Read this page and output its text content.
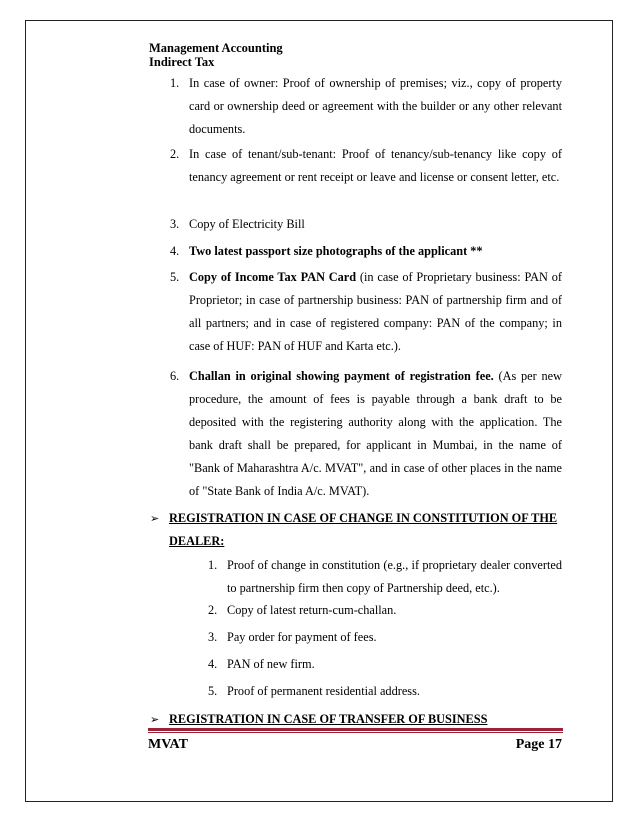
Management Accounting
Indirect Tax
1. In case of owner: Proof of ownership of premises; viz., copy of property card or ownership deed or agreement with the builder or any other relevant documents.
2. In case of tenant/sub-tenant: Proof of tenancy/sub-tenancy like copy of tenancy agreement or rent receipt or leave and license or consent letter, etc.
3. Copy of Electricity Bill
4. Two latest passport size photographs of the applicant **
5. Copy of Income Tax PAN Card (in case of Proprietary business: PAN of Proprietor; in case of partnership business: PAN of partnership firm and of all partners; and in case of registered company: PAN of the company; in case of HUF: PAN of HUF and Karta etc.).
6. Challan in original showing payment of registration fee. (As per new procedure, the amount of fees is payable through a bank draft to be deposited with the registering authority along with the application. The bank draft shall be prepared, for applicant in Mumbai, in the name of "Bank of Maharashtra A/c. MVAT", and in case of other places in the name of "State Bank of India A/c. MVAT).
➢ REGISTRATION IN CASE OF CHANGE IN CONSTITUTION OF THE DEALER:
1. Proof of change in constitution (e.g., if proprietary dealer converted to partnership firm then copy of Partnership deed, etc.).
2. Copy of latest return-cum-challan.
3. Pay order for payment of fees.
4. PAN of new firm.
5. Proof of permanent residential address.
➢ REGISTRATION IN CASE OF TRANSFER OF BUSINESS
MVAT	Page 17
